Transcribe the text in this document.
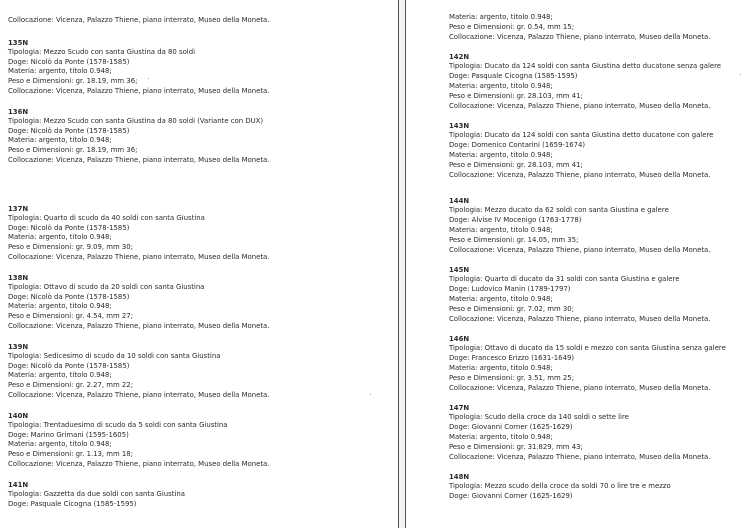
Collocazione: Vicenza, Palazzo Thiene, piano interrato, Museo della Moneta.
135N
Tipologia: Mezzo Scudo con santa Giustina da 80 soldi
Doge: Nicolò da Ponte (1578-1585)
Materia: argento, titolo 0.948;
Peso e Dimensioni: gr. 18.19, mm 36;
Collocazione: Vicenza, Palazzo Thiene, piano interrato, Museo della Moneta.
136N
Tipologia: Mezzo Scudo con santa Giustina da 80 soldi (Variante con DUX)
Doge: Nicolò da Ponte (1578-1585)
Materia: argento, titolo 0.948;
Peso e Dimensioni: gr. 18.19, mm 36;
Collocazione: Vicenza, Palazzo Thiene, piano interrato, Museo della Moneta.
137N
Tipologia: Quarto di scudo da 40 soldi con santa Giustina
Doge: Nicolò da Ponte (1578-1585)
Materia: argento, titolo 0.948;
Peso e Dimensioni: gr. 9.09, mm 30;
Collocazione: Vicenza, Palazzo Thiene, piano interrato, Museo della Moneta.
138N
Tipologia: Ottavo di scudo da 20 soldi con santa Giustina
Doge: Nicolò da Ponte (1578-1585)
Materia: argento, titolo 0.948;
Peso e Dimensioni: gr. 4.54, mm 27;
Collocazione: Vicenza, Palazzo Thiene, piano interrato, Museo della Moneta.
139N
Tipologia: Sedicesimo di scudo da 10 soldi con santa Giustina
Doge: Nicolò da Ponte (1578-1585)
Materia: argento, titolo 0.948;
Peso e Dimensioni: gr. 2.27, mm 22;
Collocazione: Vicenza, Palazzo Thiene, piano interrato, Museo della Moneta.
140N
Tipologia: Trentaduesimo di scudo da 5 soldi con santa Giustina
Doge: Marino Grimani (1595-1605)
Materia: argento, titolo 0.948;
Peso e Dimensioni: gr. 1.13, mm 18;
Collocazione: Vicenza, Palazzo Thiene, piano interrato, Museo della Moneta.
141N
Tipologia: Gazzetta da due soldi con santa Giustina
Doge: Pasquale Cicogna (1585-1595)
Materia: argento, titolo 0.948;
Peso e Dimensioni: gr. 0.54, mm 15;
Collocazione: Vicenza, Palazzo Thiene, piano interrato, Museo della Moneta.
142N
Tipologia: Ducato da 124 soldi con santa Giustina detto ducatone senza galere
Doge: Pasquale Cicogna (1585-1595)
Materia: argento, titolo 0.948;
Peso e Dimensioni: gr. 28.103, mm 41;
Collocazione: Vicenza, Palazzo Thiene, piano interrato, Museo della Moneta.
143N
Tipologia: Ducato da 124 soldi con santa Giustina detto ducatone con galere
Doge: Domenico Contarini (1659-1674)
Materia: argento, titolo 0.948;
Peso e Dimensioni: gr. 28.103, mm 41;
Collocazione: Vicenza, Palazzo Thiene, piano interrato, Museo della Moneta.
144N
Tipologia: Mezzo ducato da 62 soldi con santa Giustina e galere
Doge: Alvise IV Mocenigo (1763-1778)
Materia: argento, titolo 0.948;
Peso e Dimensioni: gr. 14.05, mm 35;
Collocazione: Vicenza, Palazzo Thiene, piano interrato, Museo della Moneta.
145N
Tipologia: Quarto di ducato da 31 soldi con santa Giustina e galere
Doge: Ludovico Manin (1789-1797)
Materia: argento, titolo 0.948;
Peso e Dimensioni: gr. 7.02, mm 30;
Collocazione: Vicenza, Palazzo Thiene, piano interrato, Museo della Moneta.
146N
Tipologia: Ottavo di ducato da 15 soldi e mezzo con santa Giustina senza galere
Doge: Francesco Erizzo (1631-1649)
Materia: argento, titolo 0.948;
Peso e Dimensioni: gr. 3.51, mm 25;
Collocazione: Vicenza, Palazzo Thiene, piano interrato, Museo della Moneta.
147N
Tipologia: Scudo della croce da 140 soldi o sette lire
Doge: Giovanni Corner (1625-1629)
Materia: argento, titolo 0.948;
Peso e Dimensioni: gr. 31.829, mm 43;
Collocazione: Vicenza, Palazzo Thiene, piano interrato, Museo della Moneta.
148N
Tipologia: Mezzo scudo della croce da soldi 70 o lire tre e mezzo
Doge: Giovanni Corner (1625-1629)
